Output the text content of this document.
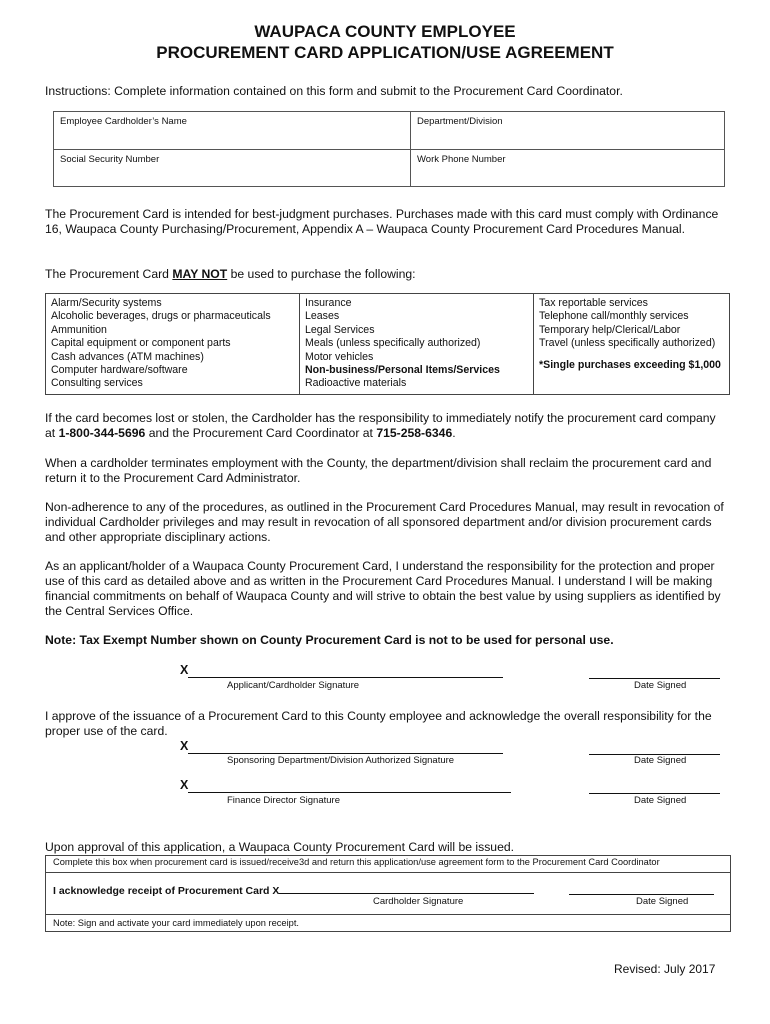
WAUPACA COUNTY EMPLOYEE
PROCUREMENT CARD APPLICATION/USE AGREEMENT
Instructions: Complete information contained on this form and submit to the Procurement Card Coordinator.
Employee Cardholder’s Name	Department/Division
Social Security Number	Work Phone Number
The Procurement Card is intended for best-judgment purchases. Purchases made with this card must comply with Ordinance 16, Waupaca County Purchasing/Procurement, Appendix A – Waupaca County Procurement Card Procedures Manual.
The Procurement Card MAY NOT be used to purchase the following:
Alarm/Security systems
Alcoholic beverages, drugs or pharmaceuticals
Ammunition
Capital equipment or component parts
Cash advances (ATM machines)
Computer hardware/software
Consulting services

Insurance
Leases
Legal Services
Meals (unless specifically authorized)
Motor vehicles
Non-business/Personal Items/Services
Radioactive materials

Tax reportable services
Telephone call/monthly services
Temporary help/Clerical/Labor
Travel (unless specifically authorized)
*Single purchases exceeding $1,000
If the card becomes lost or stolen, the Cardholder has the responsibility to immediately notify the procurement card company at 1-800-344-5696 and the Procurement Card Coordinator at 715-258-6346.
When a cardholder terminates employment with the County, the department/division shall reclaim the procurement card and return it to the Procurement Card Administrator.
Non-adherence to any of the procedures, as outlined in the Procurement Card Procedures Manual, may result in revocation of individual Cardholder privileges and may result in revocation of all sponsored department and/or division procurement cards and other appropriate disciplinary actions.
As an applicant/holder of a Waupaca County Procurement Card, I understand the responsibility for the protection and proper use of this card as detailed above and as written in the Procurement Card Procedures Manual. I understand I will be making financial commitments on behalf of Waupaca County and will strive to obtain the best value by using suppliers as identified by the Central Services Office.
Note: Tax Exempt Number shown on County Procurement Card is not to be used for personal use.
X
Applicant/Cardholder Signature	Date Signed
I approve of the issuance of a Procurement Card to this County employee and acknowledge the overall responsibility for the proper use of the card.
X
Sponsoring Department/Division Authorized Signature	Date Signed
X
Finance Director Signature	Date Signed
Upon approval of this application, a Waupaca County Procurement Card will be issued.
Complete this box when procurement card is issued/receive3d and return this application/use agreement form to the Procurement Card Coordinator
I acknowledge receipt of Procurement Card X
Cardholder Signature	Date Signed
Note: Sign and activate your card immediately upon receipt.
Revised: July 2017
